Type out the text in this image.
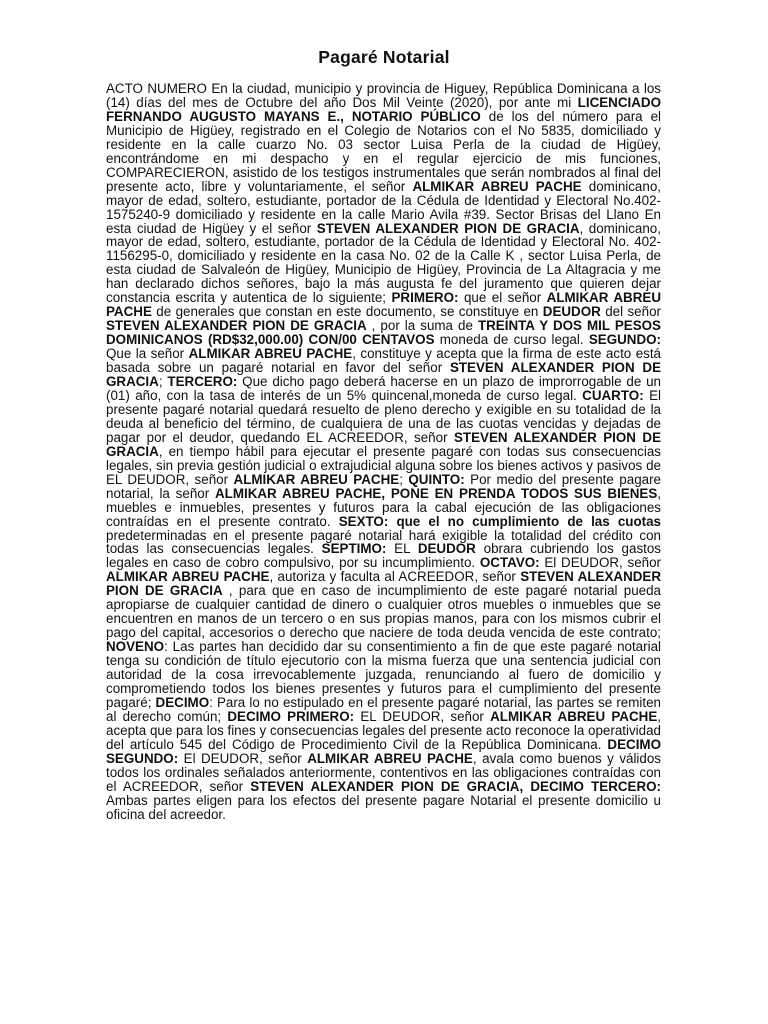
Pagaré Notarial
ACTO NUMERO En la ciudad, municipio y provincia de Higuey, República Dominicana a los (14) días del mes de Octubre del año Dos Mil Veinte (2020), por ante mi LICENCIADO FERNANDO AUGUSTO MAYANS E., NOTARIO PÚBLICO de los del número para el Municipio de Higüey, registrado en el Colegio de Notarios con el No 5835, domiciliado y residente en la calle cuarzo No. 03 sector Luisa Perla de la ciudad de Higüey, encontrándome en mi despacho y en el regular ejercicio de mis funciones, COMPARECIERON, asistido de los testigos instrumentales que serán nombrados al final del presente acto, libre y voluntariamente, el señor ALMIKAR ABREU PACHE dominicano, mayor de edad, soltero, estudiante, portador de la Cédula de Identidad y Electoral No.402-1575240-9 domiciliado y residente en la calle Mario Avila #39. Sector Brisas del Llano En esta ciudad de Higüey y el señor STEVEN ALEXANDER PION DE GRACIA, dominicano, mayor de edad, soltero, estudiante, portador de la Cédula de Identidad y Electoral No. 402-1156295-0, domiciliado y residente en la casa No. 02 de la Calle K , sector Luisa Perla, de esta ciudad de Salvaleón de Higüey, Municipio de Higüey, Provincia de La Altagracia y me han declarado dichos señores, bajo la más augusta fe del juramento que quieren dejar constancia escrita y autentica de lo siguiente; PRIMERO: que el señor ALMIKAR ABREU PACHE de generales que constan en este documento, se constituye en DEUDOR del señor STEVEN ALEXANDER PION DE GRACIA , por la suma de TREINTA Y DOS MIL PESOS DOMINICANOS (RD$32,000.00) CON/00 CENTAVOS moneda de curso legal. SEGUNDO: Que la señor ALMIKAR ABREU PACHE, constituye y acepta que la firma de este acto está basada sobre un pagaré notarial en favor del señor STEVEN ALEXANDER PION DE GRACIA; TERCERO: Que dicho pago deberá hacerse en un plazo de improrrogable de un (01) año, con la tasa de interés de un 5% quincenal,moneda de curso legal. CUARTO: El presente pagaré notarial quedará resuelto de pleno derecho y exigible en su totalidad de la deuda al beneficio del término, de cualquiera de una de las cuotas vencidas y dejadas de pagar por el deudor, quedando EL ACREEDOR, señor STEVEN ALEXANDER PION DE GRACIA, en tiempo hábil para ejecutar el presente pagaré con todas sus consecuencias legales, sin previa gestión judicial o extrajudicial alguna sobre los bienes activos y pasivos de EL DEUDOR, señor ALMIKAR ABREU PACHE; QUINTO: Por medio del presente pagare notarial, la señor ALMIKAR ABREU PACHE, PONE EN PRENDA TODOS SUS BIENES, muebles e inmuebles, presentes y futuros para la cabal ejecución de las obligaciones contraídas en el presente contrato. SEXTO: que el no cumplimiento de las cuotas predeterminadas en el presente pagaré notarial hará exigible la totalidad del crédito con todas las consecuencias legales. SEPTIMO: EL DEUDOR obrara cubriendo los gastos legales en caso de cobro compulsivo, por su incumplimiento. OCTAVO: El DEUDOR, señor ALMIKAR ABREU PACHE, autoriza y faculta al ACREEDOR, señor STEVEN ALEXANDER PION DE GRACIA , para que en caso de incumplimiento de este pagaré notarial pueda apropiarse de cualquier cantidad de dinero o cualquier otros muebles o inmuebles que se encuentren en manos de un tercero o en sus propias manos, para con los mismos cubrir el pago del capital, accesorios o derecho que naciere de toda deuda vencida de este contrato; NOVENO: Las partes han decidido dar su consentimiento a fin de que este pagaré notarial tenga su condición de título ejecutorio con la misma fuerza que una sentencia judicial con autoridad de la cosa irrevocablemente juzgada, renunciando al fuero de domicilio y comprometiendo todos los bienes presentes y futuros para el cumplimiento del presente pagaré; DECIMO: Para lo no estipulado en el presente pagaré notarial, las partes se remiten al derecho común; DECIMO PRIMERO: EL DEUDOR, señor ALMIKAR ABREU PACHE, acepta que para los fines y consecuencias legales del presente acto reconoce la operatividad del artículo 545 del Código de Procedimiento Civil de la República Dominicana. DECIMO SEGUNDO: El DEUDOR, señor ALMIKAR ABREU PACHE, avala como buenos y válidos todos los ordinales señalados anteriormente, contentivos en las obligaciones contraídas con el ACREEDOR, señor STEVEN ALEXANDER PION DE GRACIA, DECIMO TERCERO: Ambas partes eligen para los efectos del presente pagare Notarial el presente domicilio u oficina del acreedor.
